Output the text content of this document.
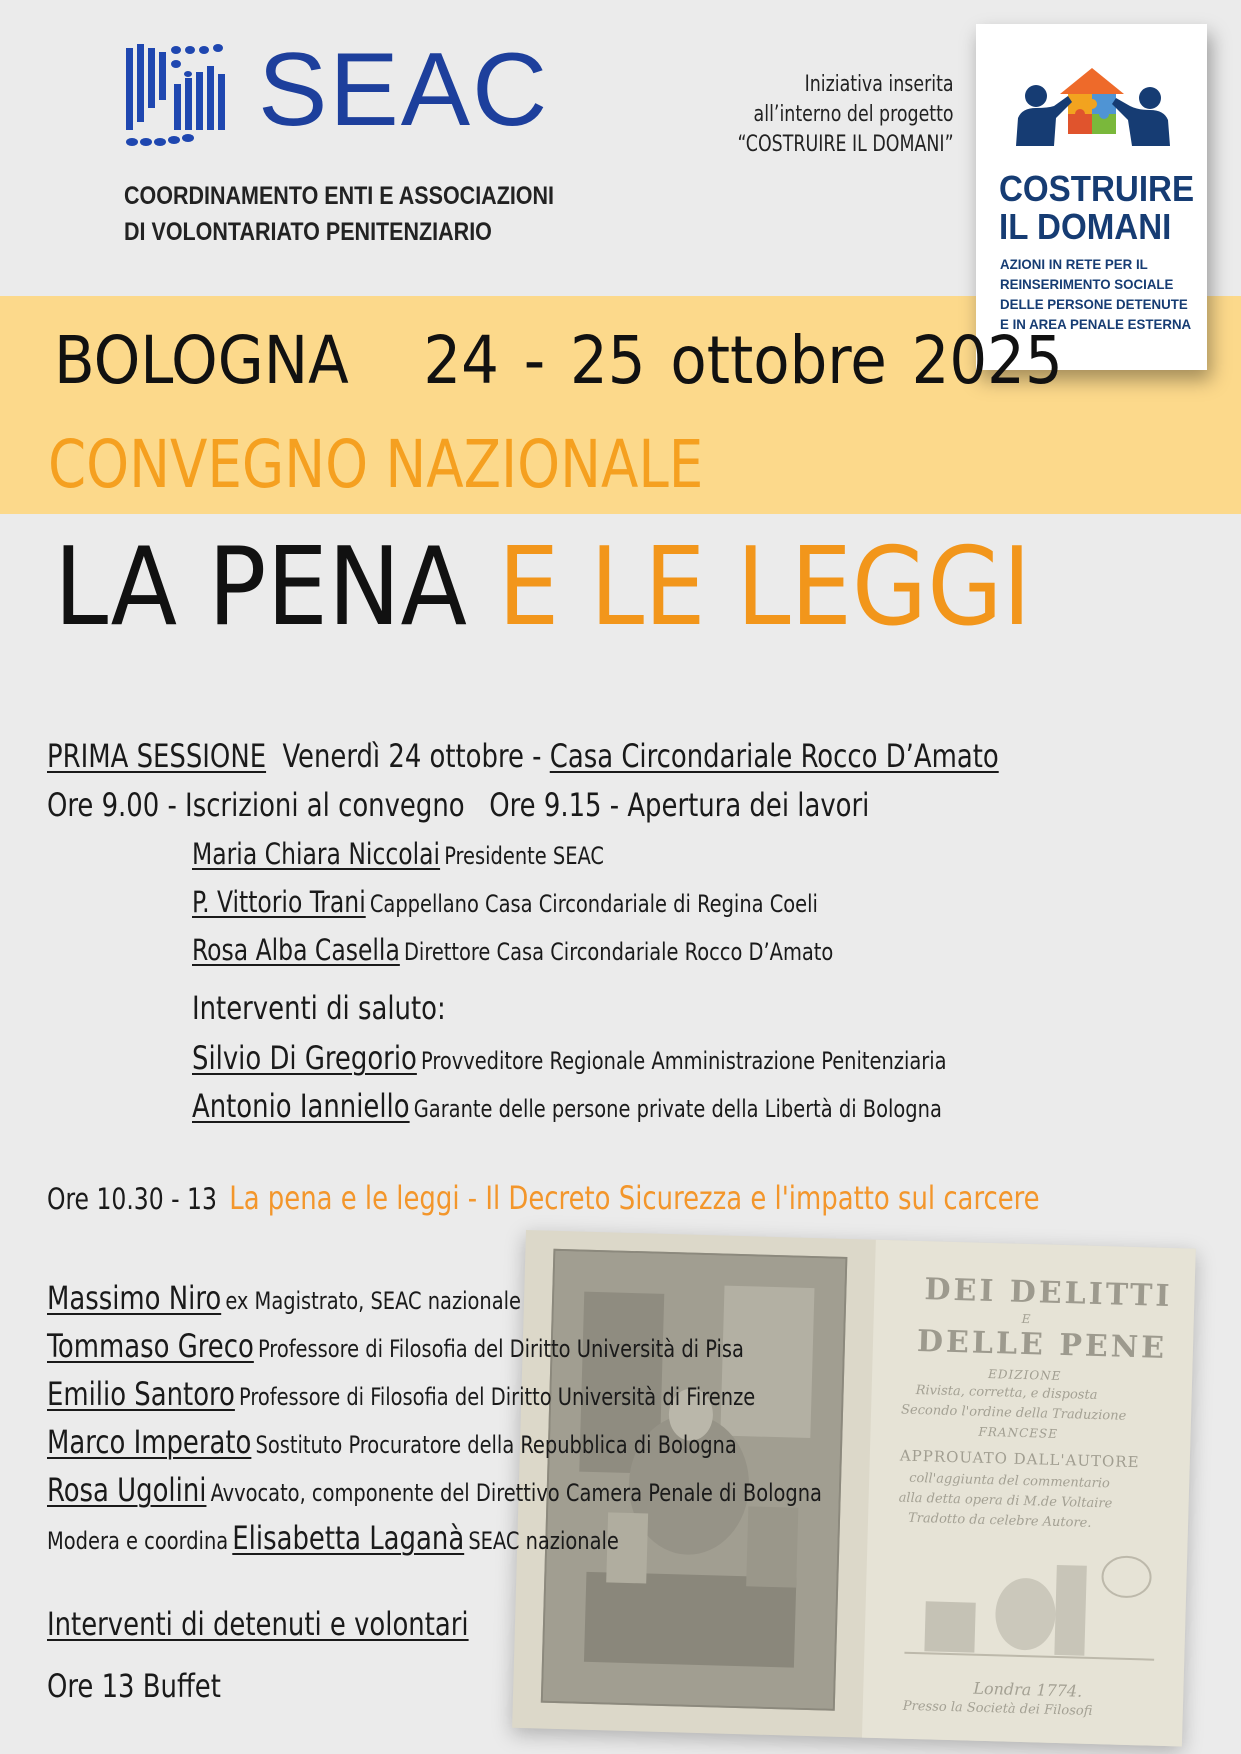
SEAC
COORDINAMENTO ENTI E ASSOCIAZIONI
DI VOLONTARIATO PENITENZIARIO
Iniziativa inserita
all’interno del progetto
“COSTRUIRE IL DOMANI”
COSTRUIRE
IL DOMANI
AZIONI IN RETE PER IL
REINSERIMENTO SOCIALE
DELLE PERSONE DETENUTE
E IN AREA PENALE ESTERNA
BOLOGNA 24 - 25 ottobre 2025
CONVEGNO NAZIONALE
LA PENA E LE LEGGI
DEI DELITTI
E
DELLE PENE
EDIZIONE
Rivista, corretta, e disposta
Secondo l'ordine della Traduzione
FRANCESE
APPROUATO DALL'AUTORE
coll'aggiunta del commentario
alla detta opera di M.de Voltaire
Tradotto da celebre Autore.
Londra 1774.
Presso la Società dei Filosofi
PRIMA SESSIONE Venerdì 24 ottobre - Casa Circondariale Rocco D’Amato
Ore 9.00 - Iscrizioni al convegno Ore 9.15 - Apertura dei lavori
Maria Chiara Niccolai Presidente SEAC
P. Vittorio Trani Cappellano Casa Circondariale di Regina Coeli
Rosa Alba Casella Direttore Casa Circondariale Rocco D’Amato
Interventi di saluto:
Silvio Di Gregorio Provveditore Regionale Amministrazione Penitenziaria
Antonio Ianniello Garante delle persone private della Libertà di Bologna
Ore 10.30 - 13 La pena e le leggi - Il Decreto Sicurezza e l'impatto sul carcere
Massimo Niro ex Magistrato, SEAC nazionale
Tommaso Greco Professore di Filosofia del Diritto Università di Pisa
Emilio Santoro Professore di Filosofia del Diritto Università di Firenze
Marco Imperato Sostituto Procuratore della Repubblica di Bologna
Rosa Ugolini Avvocato, componente del Direttivo Camera Penale di Bologna
Modera e coordina Elisabetta Laganà SEAC nazionale
Interventi di detenuti e volontari
Ore 13 Buffet
